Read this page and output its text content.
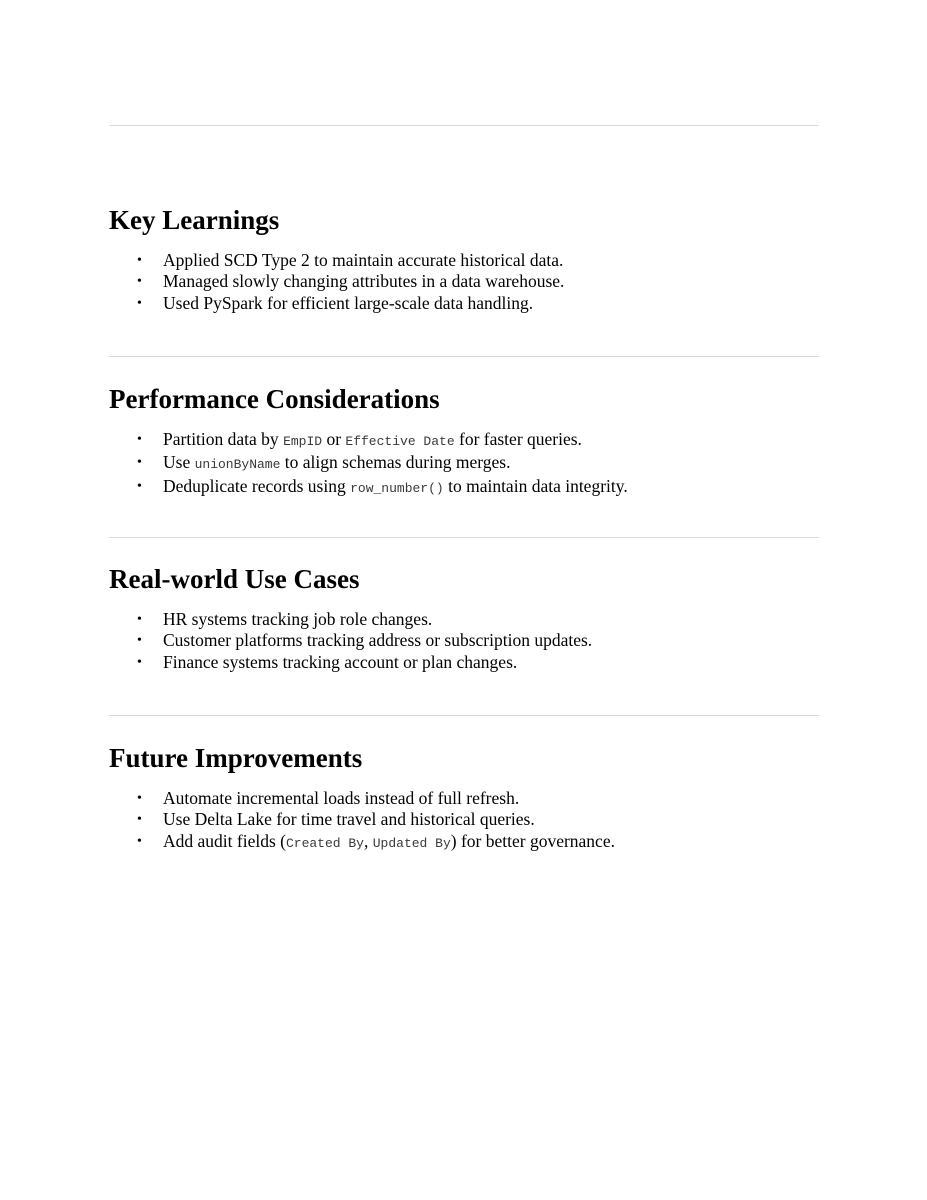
Key Learnings
• Applied SCD Type 2 to maintain accurate historical data.
• Managed slowly changing attributes in a data warehouse.
• Used PySpark for efficient large-scale data handling.
Performance Considerations
• Partition data by EmpID or Effective Date for faster queries.
• Use unionByName to align schemas during merges.
• Deduplicate records using row_number() to maintain data integrity.
Real-world Use Cases
• HR systems tracking job role changes.
• Customer platforms tracking address or subscription updates.
• Finance systems tracking account or plan changes.
Future Improvements
• Automate incremental loads instead of full refresh.
• Use Delta Lake for time travel and historical queries.
• Add audit fields (Created By, Updated By) for better governance.
